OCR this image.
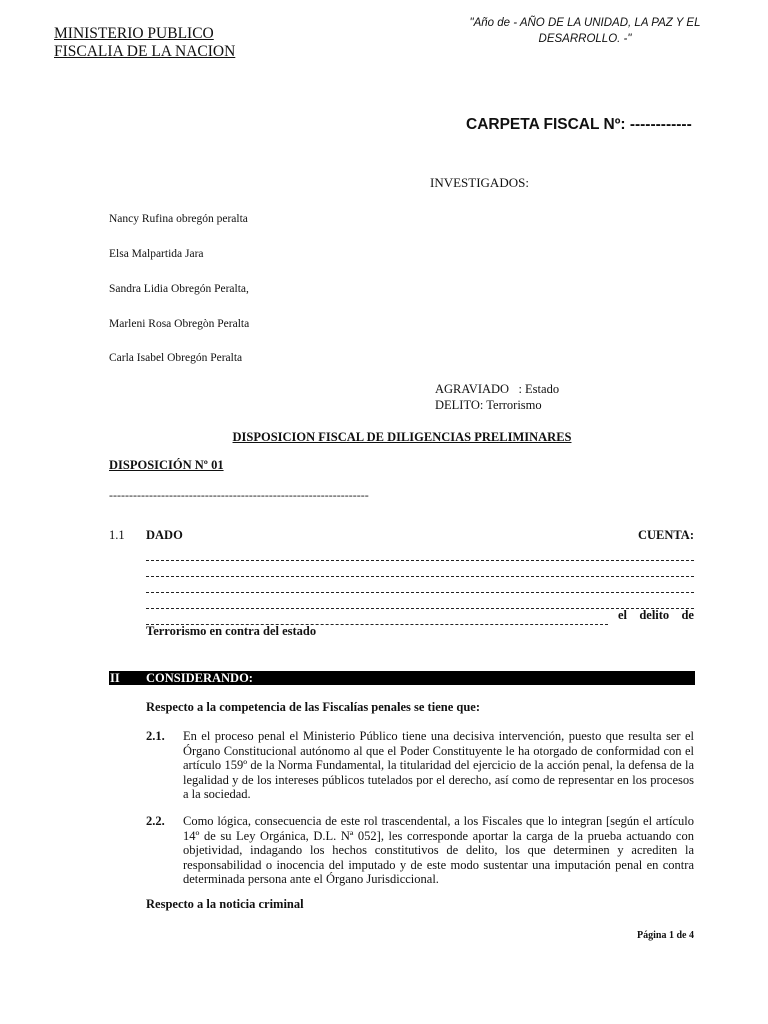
MINISTERIO PUBLICO
FISCALIA DE LA NACION
"Año de - AÑO DE LA UNIDAD, LA PAZ Y EL
DESARROLLO. -"
CARPETA FISCAL Nº: ------------
INVESTIGADOS:
Nancy Rufina obregón peralta
Elsa Malpartida Jara
Sandra Lidia Obregón Peralta,
Marleni Rosa Obregòn Peralta
Carla Isabel Obregón Peralta
AGRAVIADO   : Estado
DELITO: Terrorismo
DISPOSICION FISCAL DE DILIGENCIAS PRELIMINARES
DISPOSICIÓN Nº 01
-----------------------------------------------------------------
1.1 DADO	CUENTA:
el delito de
Terrorismo en contra del estado
II CONSIDERANDO:
Respecto a la competencia de las Fiscalías penales se tiene que:
2.1. En el proceso penal el Ministerio Público tiene una decisiva intervención, puesto que resulta ser el Órgano Constitucional autónomo al que el Poder Constituyente le ha otorgado de conformidad con el artículo 159º de la Norma Fundamental, la titularidad del ejercicio de la acción penal, la defensa de la legalidad y de los intereses públicos tutelados por el derecho, así como de representar en los procesos a la sociedad.
2.2. Como lógica, consecuencia de este rol trascendental, a los Fiscales que lo integran [según el artículo 14º de su Ley Orgánica, D.L. Nª 052], les corresponde aportar la carga de la prueba actuando con objetividad, indagando los hechos constitutivos de delito, los que determinen y acrediten la responsabilidad o inocencia del imputado y de este modo sustentar una imputación penal en contra determinada persona ante el Órgano Jurisdiccional.
Respecto a la noticia criminal
Página 1 de 4
